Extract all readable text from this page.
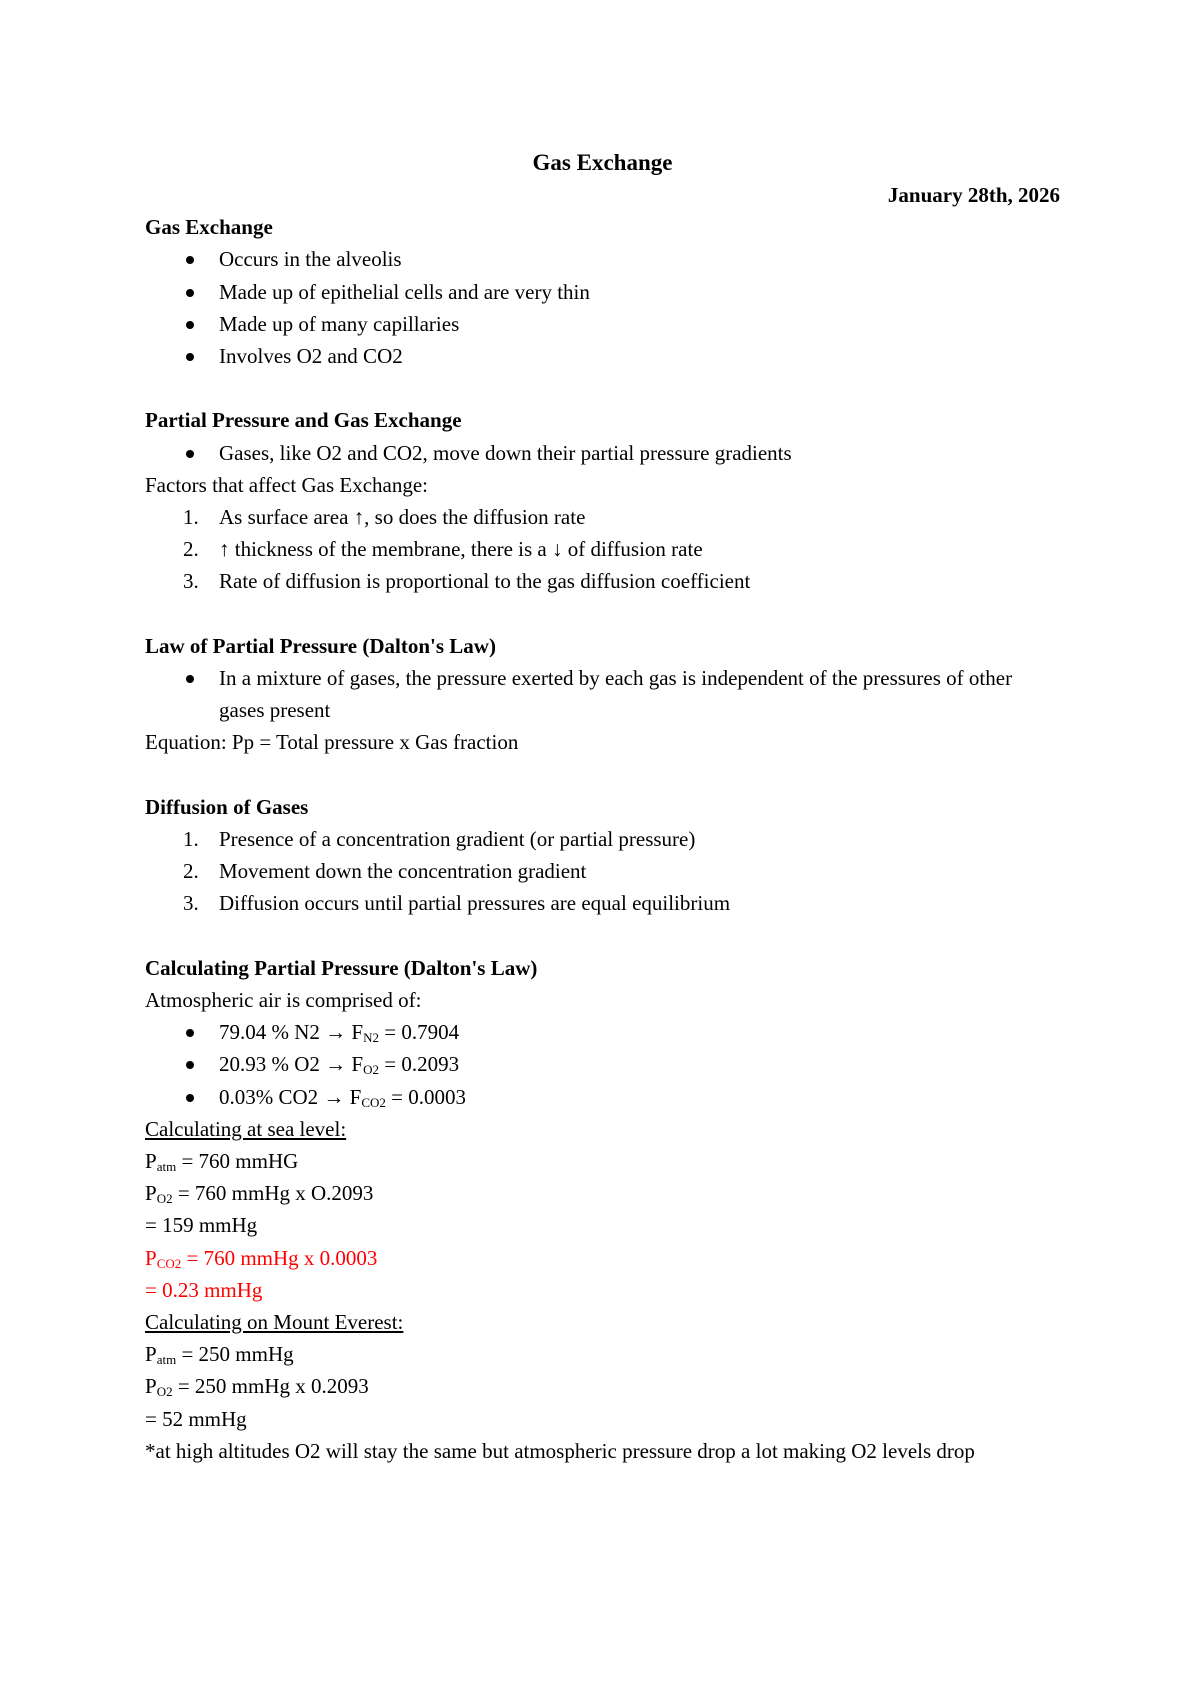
Gas Exchange

January 28th, 2026

Gas Exchange
Occurs in the alveolis
Made up of epithelial cells and are very thin
Made up of many capillaries
Involves O2 and CO2
Partial Pressure and Gas Exchange
Gases, like O2 and CO2, move down their partial pressure gradients

Factors that affect Gas Exchange:

1. As surface area ↑, so does the diffusion rate
2. ↑ thickness of the membrane, there is a ↓ of diffusion rate
3. Rate of diffusion is proportional to the gas diffusion coefficient
Law of Partial Pressure (Dalton's Law)
In a mixture of gases, the pressure exerted by each gas is independent of the pressures of other gases present

Equation: Pp = Total pressure x Gas fraction

Diffusion of Gases
1. Presence of a concentration gradient (or partial pressure)
2. Movement down the concentration gradient
3. Diffusion occurs until partial pressures are equal equilibrium
Calculating Partial Pressure (Dalton's Law)

Atmospheric air is comprised of:

79.04 % $N2 \to F_{N2} = 0.7904$
20.93 % $O2 \to F_{O2} = 0.2093$
0.03% $CO2 \to F_{CO2} = 0.0003$

Calculating at sea level:

$P_{atm} = 760$ mmHG

$P_{O2} = 760$ mmHg x O.2093

= 159 mmHg

$P_{CO2} = 760$ mmHg x 0.0003

= 0.23 mmHg

Calculating on Mount Everest:

$P_{atm} = 250$ mmHg

$P_{O2} = 250$ mmHg x 0.2093

= 52 mmHg

*at high altitudes O2 will stay the same but atmospheric pressure drop a lot making O2 levels drop
